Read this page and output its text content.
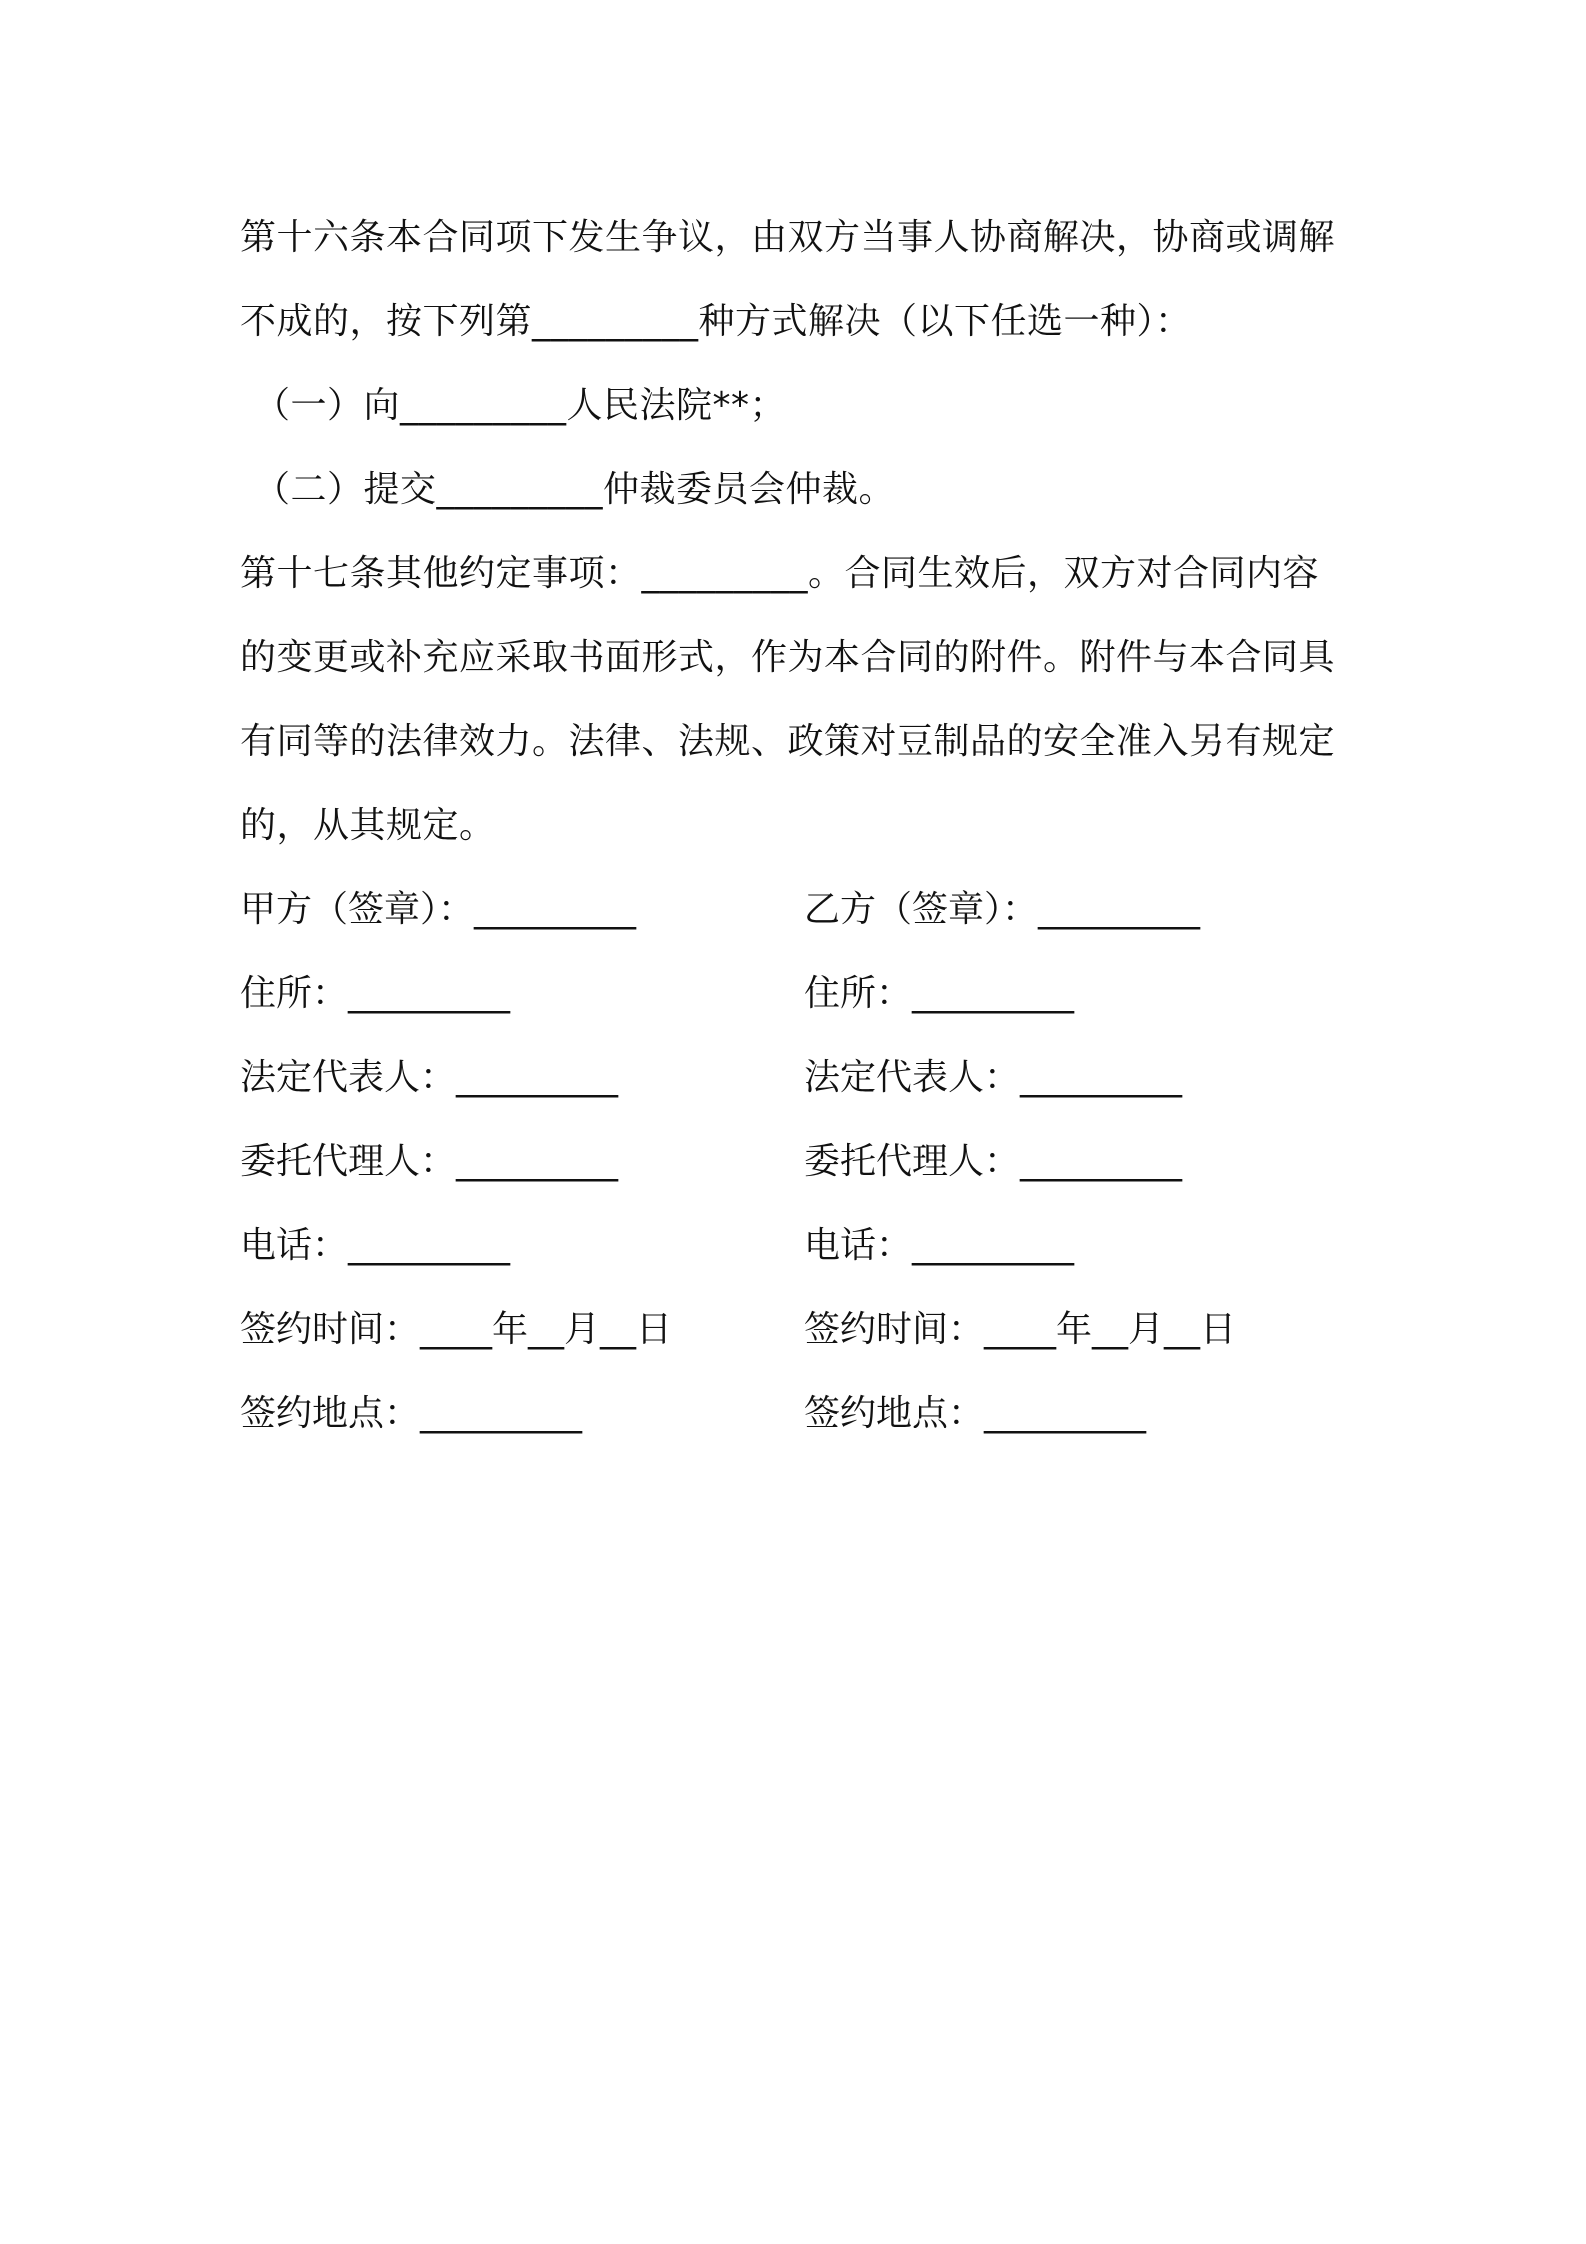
第十六条本合同项下发生争议，由双方当事人协商解决，协商或调解
不成的，按下列第_________种方式解决（以下任选一种）：
（一）向_________人民法院**；
（二）提交_________仲裁委员会仲裁。
第十七条其他约定事项：_________。合同生效后，双方对合同内容
的变更或补充应采取书面形式，作为本合同的附件。附件与本合同具
有同等的法律效力。法律、法规、政策对豆制品的安全准入另有规定
的，从其规定。
甲方（签章）：_________	乙方（签章）：_________
住所：_________	住所：_________
法定代表人：_________	法定代表人：_________
委托代理人：_________	委托代理人：_________
电话：_________	电话：_________
签约时间：____年__月__日	签约时间：____年__月__日
签约地点：_________	签约地点：_________
